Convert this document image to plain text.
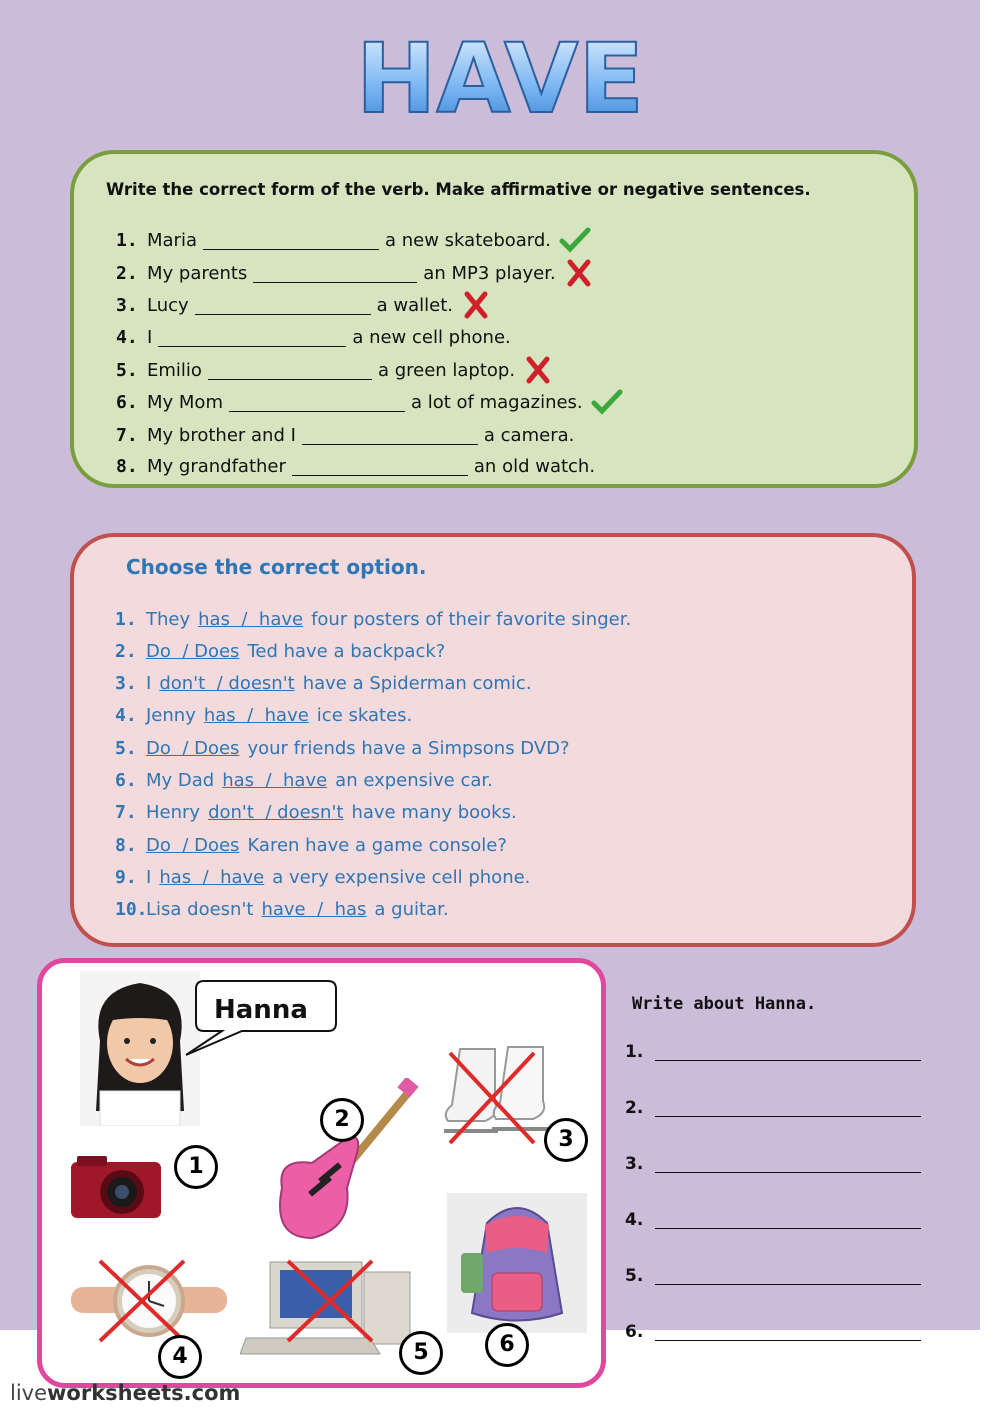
HAVE
Write the correct form of the verb. Make affirmative or negative sentences.
1. Maria	a new skateboard.
2. My parents	an MP3 player.
3. Lucy	a wallet.
4. I	a new cell phone.
5. Emilio	a green laptop.
6. My Mom	a lot of magazines.
7. My brother and I	a camera.
8. My grandfather	an old watch.
Choose the correct option.
1. They has  /  have four posters of their favorite singer.
2. Do  / Does Ted have a backpack?
3. I don't  / doesn't have a Spiderman comic.
4. Jenny has  /  have ice skates.
5. Do  / Does your friends have a Simpsons DVD?
6. My Dad has  /  have an expensive car.
7. Henry don't  / doesn't have many books.
8. Do  / Does Karen have a game console?
9. I has  /  have a very expensive cell phone.
10.
Lisa doesn't have  /  has a guitar.
Hanna
1
2
3
4	5	6
Write about Hanna.
1.
2.
3.
4.
5.
6.
liveworksheets.com
